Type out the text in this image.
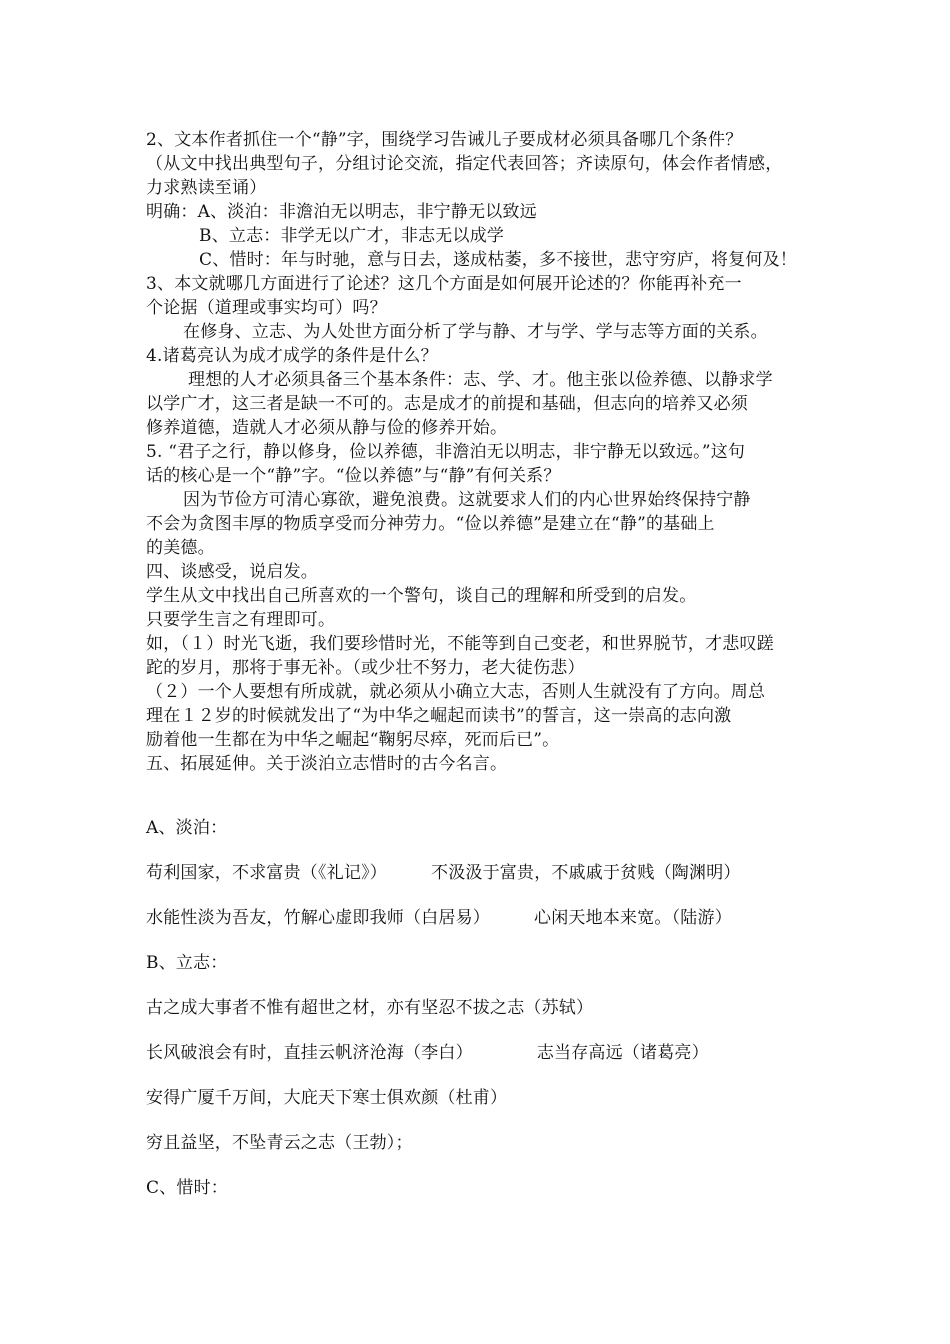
2、文本作者抓住一个“静”字，围绕学习告诫儿子要成材必须具备哪几个条件？
（从文中找出典型句子，分组讨论交流，指定代表回答；齐读原句，体会作者情感，
力求熟读至诵）
明确：A、淡泊：非澹泊无以明志，非宁静无以致远
B、立志：非学无以广才，非志无以成学
C、惜时：年与时驰，意与日去，遂成枯萎，多不接世，悲守穷庐，将复何及！
3、本文就哪几方面进行了论述？这几个方面是如何展开论述的？你能再补充一
个论据（道理或事实均可）吗？
在修身、立志、为人处世方面分析了学与静、才与学、学与志等方面的关系。
4.诸葛亮认为成才成学的条件是什么？
理想的人才必须具备三个基本条件：志、学、才。他主张以俭养德、以静求学
以学广才，这三者是缺一不可的。志是成才的前提和基础，但志向的培养又必须
修养道德，造就人才必须从静与俭的修养开始。
5. “君子之行，静以修身，俭以养德，非澹泊无以明志，非宁静无以致远。”这句
话的核心是一个“静”字。“俭以养德”与“静”有何关系？
因为节俭方可清心寡欲，避免浪费。这就要求人们的内心世界始终保持宁静
不会为贪图丰厚的物质享受而分神劳力。“俭以养德”是建立在“静”的基础上
的美德。
四、谈感受，说启发。
学生从文中找出自己所喜欢的一个警句，谈自己的理解和所受到的启发。
只要学生言之有理即可。
如，（１）时光飞逝，我们要珍惜时光，不能等到自己变老，和世界脱节，才悲叹蹉
跎的岁月，那将于事无补。（或少壮不努力，老大徒伤悲）
（２）一个人要想有所成就，就必须从小确立大志，否则人生就没有了方向。周总
理在１２岁的时候就发出了“为中华之崛起而读书”的誓言，这一崇高的志向激
励着他一生都在为中华之崛起“鞠躬尽瘁，死而后已”。
五、拓展延伸。关于淡泊立志惜时的古今名言。
A、淡泊：
苟利国家，不求富贵（《礼记》）	不汲汲于富贵，不戚戚于贫贱（陶渊明）
水能性淡为吾友，竹解心虚即我师（白居易）	心闲天地本来宽。（陆游）
B、立志：
古之成大事者不惟有超世之材，亦有坚忍不拔之志（苏轼）
长风破浪会有时，直挂云帆济沧海（李白）	志当存高远（诸葛亮）
安得广厦千万间，大庇天下寒士俱欢颜（杜甫）
穷且益坚，不坠青云之志（王勃）；
C、惜时：
